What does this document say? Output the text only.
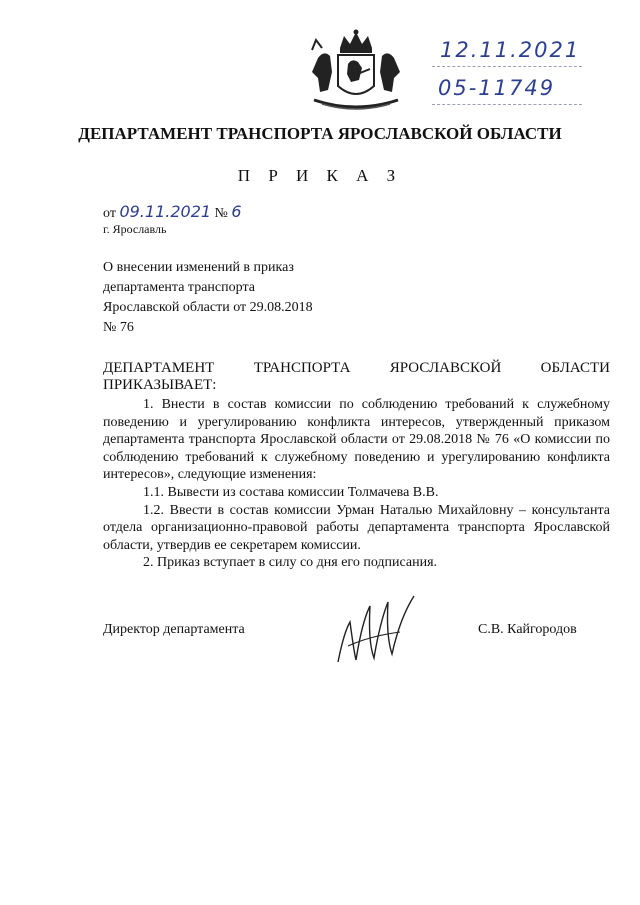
12.11.2021
05-11749
ДЕПАРТАМЕНТ ТРАНСПОРТА ЯРОСЛАВСКОЙ ОБЛАСТИ
П Р И К А З
от 09.11.2021 № 6
г. Ярославль
О внесении изменений в приказ
департамента транспорта
Ярославской области от 29.08.2018
№ 76
ДЕПАРТАМЕНТ	ТРАНСПОРТА	ЯРОСЛАВСКОЙ	ОБЛАСТИ
ПРИКАЗЫВАЕТ:

1. Внести в состав комиссии по соблюдению требований к служебному поведению и урегулированию конфликта интересов, утвержденный приказом департамента транспорта Ярославской области от 29.08.2018 № 76 «О комиссии по соблюдению требований к служебному поведению и урегулированию конфликта интересов», следующие изменения:

1.1. Вывести из состава комиссии Толмачева В.В.

1.2. Ввести в состав комиссии Урман Наталью Михайловну – консультанта отдела организационно-правовой работы департамента транспорта Ярославской области, утвердив ее секретарем комиссии.

2. Приказ вступает в силу со дня его подписания.

Директор департамента	С.В. Кайгородов
